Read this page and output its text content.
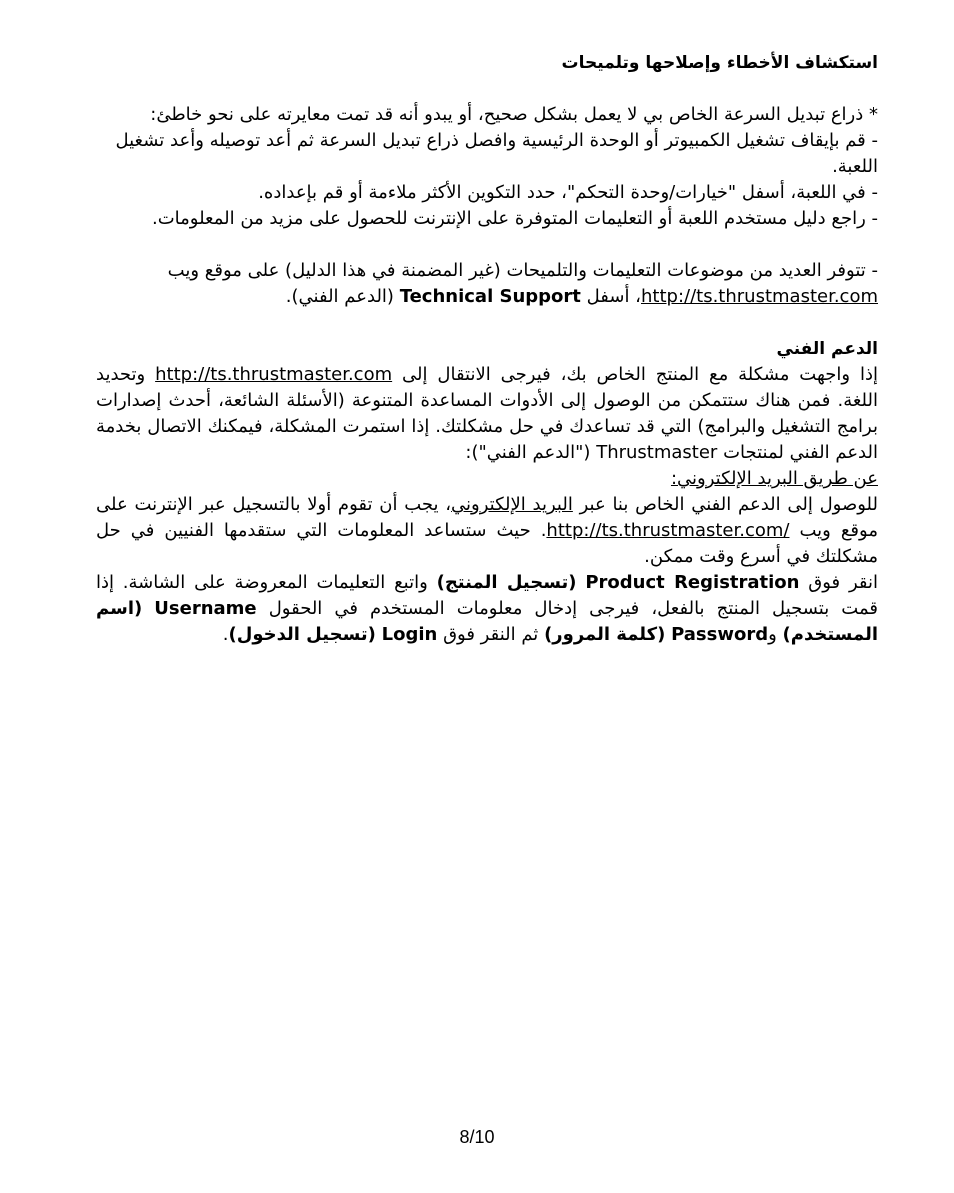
استكشاف الأخطاء وإصلاحها وتلميحات

* ذراع تبديل السرعة الخاص بي لا يعمل بشكل صحيح، أو يبدو أنه قد تمت معايرته على نحو خاطئ:

- قم بإيقاف تشغيل الكمبيوتر أو الوحدة الرئيسية وافصل ذراع تبديل السرعة ثم أعد توصيله وأعد تشغيل اللعبة.

- في اللعبة، أسفل "خيارات/وحدة التحكم"، حدد التكوين الأكثر ملاءمة أو قم بإعداده.

- راجع دليل مستخدم اللعبة أو التعليمات المتوفرة على الإنترنت للحصول على مزيد من المعلومات.

- تتوفر العديد من موضوعات التعليمات والتلميحات (غير المضمنة في هذا الدليل) على موقع ويب http://ts.thrustmaster.com، أسفل Technical Support (الدعم الفني).

الدعم الفني

إذا واجهت مشكلة مع المنتج الخاص بك، فيرجى الانتقال إلى http://ts.thrustmaster.com وتحديد اللغة. فمن هناك ستتمكن من الوصول إلى الأدوات المساعدة المتنوعة (الأسئلة الشائعة، أحدث إصدارات برامج التشغيل والبرامج) التي قد تساعدك في حل مشكلتك. إذا استمرت المشكلة، فيمكنك الاتصال بخدمة الدعم الفني لمنتجات Thrustmaster ("الدعم الفني"):

عن طريق البريد الإلكتروني:

للوصول إلى الدعم الفني الخاص بنا عبر البريد الإلكتروني، يجب أن تقوم أولا بالتسجيل عبر الإنترنت على موقع ويب http://ts.thrustmaster.com/. حيث ستساعد المعلومات التي ستقدمها الفنيين في حل مشكلتك في أسرع وقت ممكن.

انقر فوق Product Registration (تسجيل المنتج) واتبع التعليمات المعروضة على الشاشة. إذا قمت بتسجيل المنتج بالفعل، فيرجى إدخال معلومات المستخدم في الحقول Username (اسم المستخدم) وPassword (كلمة المرور) ثم النقر فوق Login (تسجيل الدخول).

8/10
